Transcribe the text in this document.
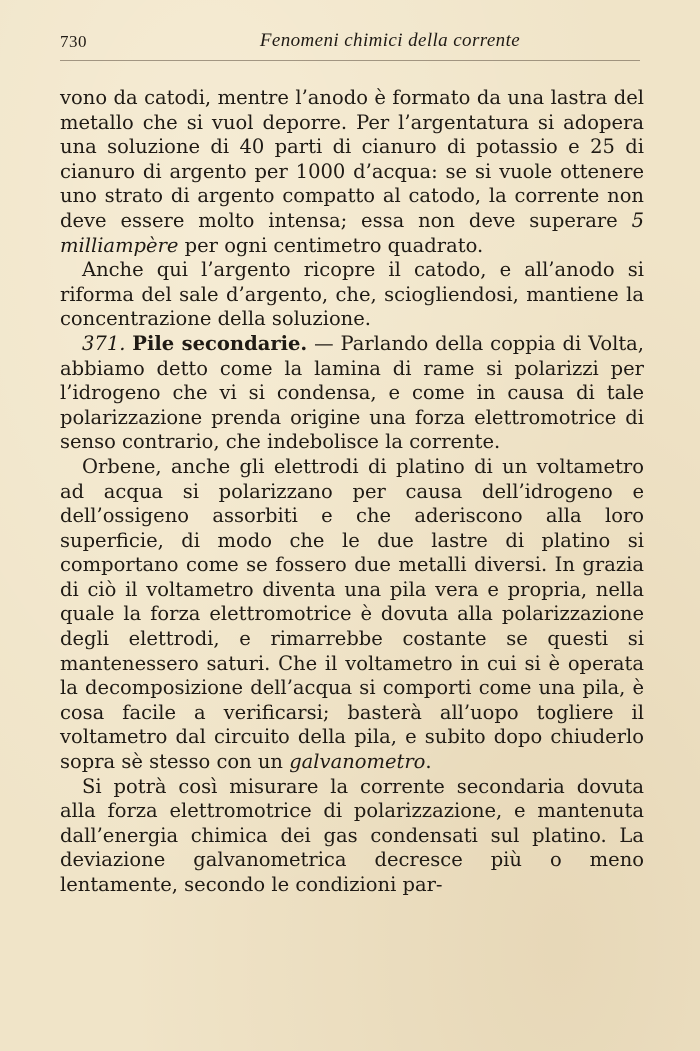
730	Fenomeni chimici della corrente

vono da catodi, mentre l’anodo è formato da una lastra del metallo che si vuol deporre. Per l’argentatura si adopera una soluzione di 40 parti di cianuro di potassio e 25 di cianuro di argento per 1000 d’acqua: se si vuole ottenere uno strato di argento compatto al catodo, la corrente non deve essere molto intensa; essa non deve superare 5 milliampère per ogni centimetro quadrato.

Anche qui l’argento ricopre il catodo, e all’anodo si riforma del sale d’argento, che, sciogliendosi, mantiene la concentrazione della soluzione.

371. Pile secondarie. — Parlando della coppia di Volta, abbiamo detto come la lamina di rame si polarizzi per l’idrogeno che vi si condensa, e come in causa di tale polarizzazione prenda origine una forza elettromotrice di senso contrario, che indebolisce la corrente.

Orbene, anche gli elettrodi di platino di un voltametro ad acqua si polarizzano per causa dell’idrogeno e dell’ossigeno assorbiti e che aderiscono alla loro superficie, di modo che le due lastre di platino si comportano come se fossero due metalli diversi. In grazia di ciò il voltametro diventa una pila vera e propria, nella quale la forza elettromotrice è dovuta alla polarizzazione degli elettrodi, e rimarrebbe costante se questi si mantenessero saturi. Che il voltametro in cui si è operata la decomposizione dell’acqua si comporti come una pila, è cosa facile a verificarsi; basterà all’uopo togliere il voltametro dal circuito della pila, e subito dopo chiuderlo sopra sè stesso con un galvanometro.

Si potrà così misurare la corrente secondaria dovuta alla forza elettromotrice di polarizzazione, e mantenuta dall’energia chimica dei gas condensati sul platino. La deviazione galvanometrica decresce più o meno lentamente, secondo le condizioni par-
